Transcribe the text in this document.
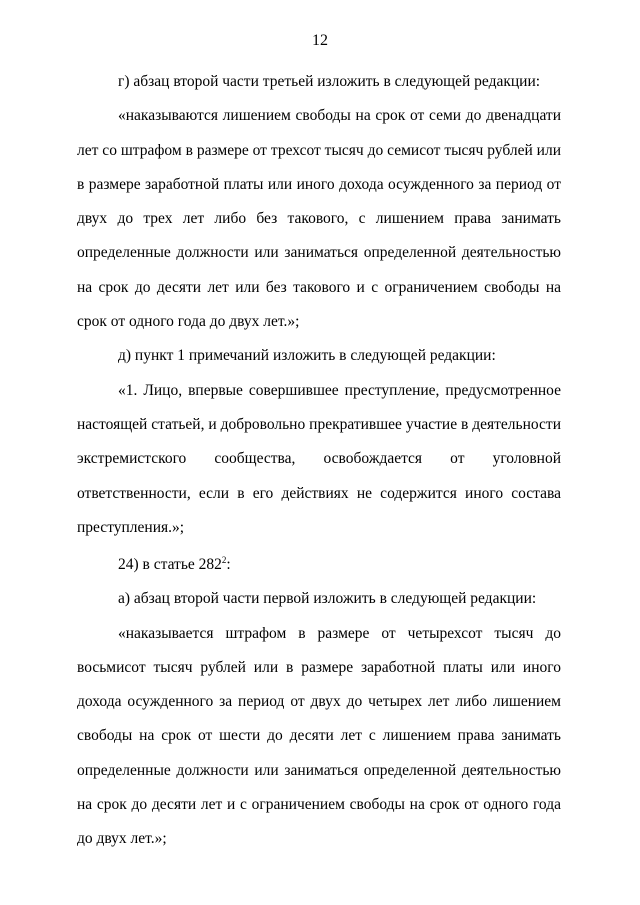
12

г) абзац второй части третьей изложить в следующей редакции:

«наказываются лишением свободы на срок от семи до двенадцати лет со штрафом в размере от трехсот тысяч до семисот тысяч рублей или в размере заработной платы или иного дохода осужденного за период от двух до трех лет либо без такового, с лишением права занимать определенные должности или заниматься определенной деятельностью на срок до десяти лет или без такового и с ограничением свободы на срок от одного года до двух лет.»;

д) пункт 1 примечаний изложить в следующей редакции:

«1. Лицо, впервые совершившее преступление, предусмотренное настоящей статьей, и добровольно прекратившее участие в деятельности экстремистского сообщества, освобождается от уголовной ответственности, если в его действиях не содержится иного состава

преступления.»;

24) в статье $282^2$:

а) абзац второй части первой изложить в следующей редакции:

«наказывается штрафом в размере от четырехсот тысяч до восьмисот тысяч рублей или в размере заработной платы или иного дохода осужденного за период от двух до четырех лет либо лишением свободы на срок от шести до десяти лет с лишением права занимать определенные должности или заниматься определенной деятельностью на срок до десяти лет и с ограничением свободы на срок от одного года до двух лет.»;
